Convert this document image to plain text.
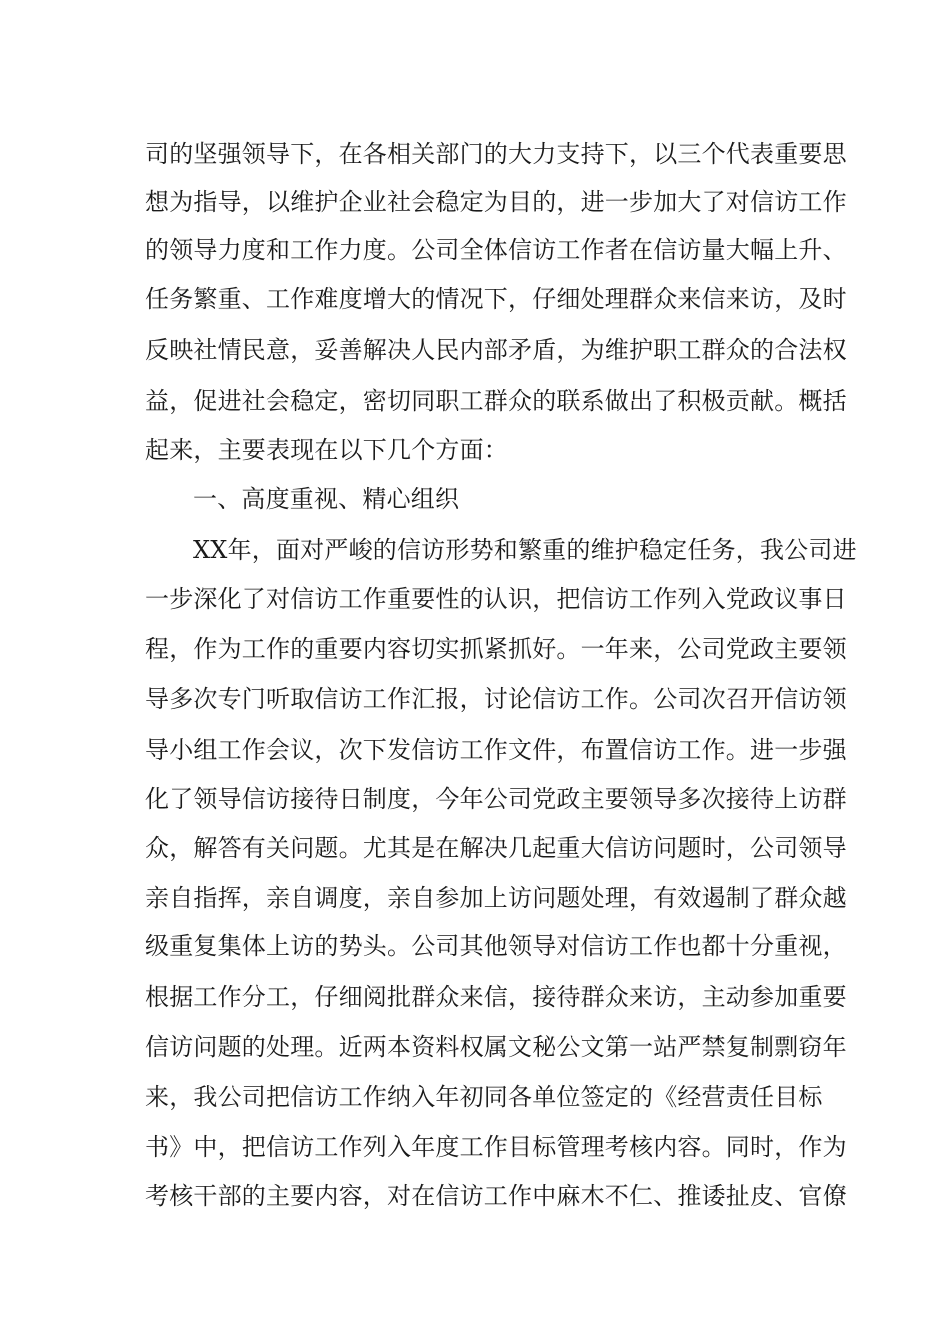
司的坚强领导下，在各相关部门的大力支持下，以三个代表重要思
想为指导，以维护企业社会稳定为目的，进一步加大了对信访工作
的领导力度和工作力度。公司全体信访工作者在信访量大幅上升、
任务繁重、工作难度增大的情况下，仔细处理群众来信来访，及时
反映社情民意，妥善解决人民内部矛盾，为维护职工群众的合法权
益，促进社会稳定，密切同职工群众的联系做出了积极贡献。概括
起来，主要表现在以下几个方面：
一、高度重视、精心组织
XX年，面对严峻的信访形势和繁重的维护稳定任务，我公司进
一步深化了对信访工作重要性的认识，把信访工作列入党政议事日
程，作为工作的重要内容切实抓紧抓好。一年来，公司党政主要领
导多次专门听取信访工作汇报，讨论信访工作。公司次召开信访领
导小组工作会议，次下发信访工作文件，布置信访工作。进一步强
化了领导信访接待日制度，今年公司党政主要领导多次接待上访群
众，解答有关问题。尤其是在解决几起重大信访问题时，公司领导
亲自指挥，亲自调度，亲自参加上访问题处理，有效遏制了群众越
级重复集体上访的势头。公司其他领导对信访工作也都十分重视，
根据工作分工，仔细阅批群众来信，接待群众来访，主动参加重要
信访问题的处理。近两本资料权属文秘公文第一站严禁复制剽窃年
来，我公司把信访工作纳入年初同各单位签定的《经营责任目标
书》中，把信访工作列入年度工作目标管理考核内容。同时，作为
考核干部的主要内容，对在信访工作中麻木不仁、推诿扯皮、官僚
